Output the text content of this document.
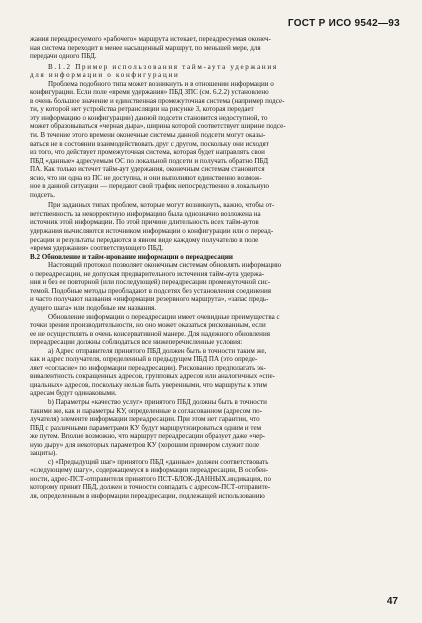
ГОСТ Р ИСО 9542—93

жания переадресуемого «рабочего» маршрута истекает, переадресуемая оконеч-

ная система переходит в менее насыщенный маршрут, по меньшей мере, для

передачи одного ПБД.

В.1.2 Пример использования тайм-аута удержания

для информации о конфигурации

Проблема подобного типа может возникнуть и в отношении информации о

конфигурации. Если поле «время удержания» ПБД ЗПС (см. 6.2.2) установлено

в очень большое значение и единственная промежуточная система (например подсе-

ти, у которой нет устройства ретрансляции на рисунке 3, которая передает

эту информацию о конфигурации) данной подсети становится недоступной, то

может образовываться «черная дыра», ширина которой соответствует ширине подсе-

ти. В течение этого времени оконечные системы данной подсети могут оказы-

ваться не в состоянии взаимодействовать друг с другом, поскольку они исходят

из того, что действует промежуточная система, которая будет направлять свои

ПБД «данные» адресуемым ОС по локальной подсети и получать обратно ПБД

ПА. Как только истечет тайм-аут удержания, оконечным системам становится

ясно, что ни одна из ПС не доступна, и они выполняют единственно возмож-

ное в данной ситуации — передают свой трафик непосредственно в локальную

подсеть.

При заданных типах проблем, которые могут возникнуть, важно, чтобы от-

ветственность за некорректную информацию была однозначно возложена на

источник этой информации. По этой причине длительность всех тайм-аутов

удержания вычисляются источником информации о конфигурации или о переад-

ресации и результаты передаются в явном виде каждому получателю в поле

«время удержания» соответствующего ПБД.

В.2 Обновление и тайм-ирование информации о переадресации

Настоящий протокол позволяет оконечным системам обновлять информацию

о переадресации, не допуская предварительного истечения тайм-аута удержа-

ния и без ее повторной (или последующей) переадресации промежуточной сис-

темой. Подобные методы преобладают в подсетях без установления соединения

и часто получают названия «информации резервного маршрута», «запас предь-

дущего шага» или подобные им названия.

Обновление информации о переадресации имеет очевидные преимущества с

точки зрения производительности, но оно может оказаться рискованным, если

ее не осуществлять в очень консервативной манере. Для надежного обновления

переадресации должны соблюдаться все нижеперечисленные условия:

а) Адрес отправителя принятого ПБД должен быть в точности таким же,

как и адрес получателя, определенный в предыдущем ПБД ПА (это опреде-

ляет «согласие» по информации переадресации). Рискованно предполагать эк-

вивалентность сокращенных адресов, групповых адресов или аналогичных «спе-

циальных» адресов, поскольку нельзя быть уверенными, что маршруты к этим

адресам будут одинаковыми.

b) Параметры «качество услуг» принятого ПБД должны быть в точности

такими же, как и параметры КУ, определенные в согласованном (адресом по-

лучателя) элементе информации переадресации. При этом нет гарантии, что

ПБД с различными параметрами КУ будут маршрутизироваться одним и тем

же путем. Вполне возможно, что маршрут переадресации образует даже «чер-

ную дыру» для некоторых параметров КУ (хорошим примером служит поле

защиты).

с) «Предыдущий шаг» принятого ПБД «данные» должен соответствовать

«следующему шагу», содержащемуся в информации переадресации, В особен-

ности, адрес-ПСТ-отправителя принятого ПСТ-БЛОК-ДАННЫХ.индикация, по

которому принят ПБД, должен в точности совпадать с адресом-ПСТ-отправите-

ля, определенным в информации переадресации, подлежащей использованию

47
